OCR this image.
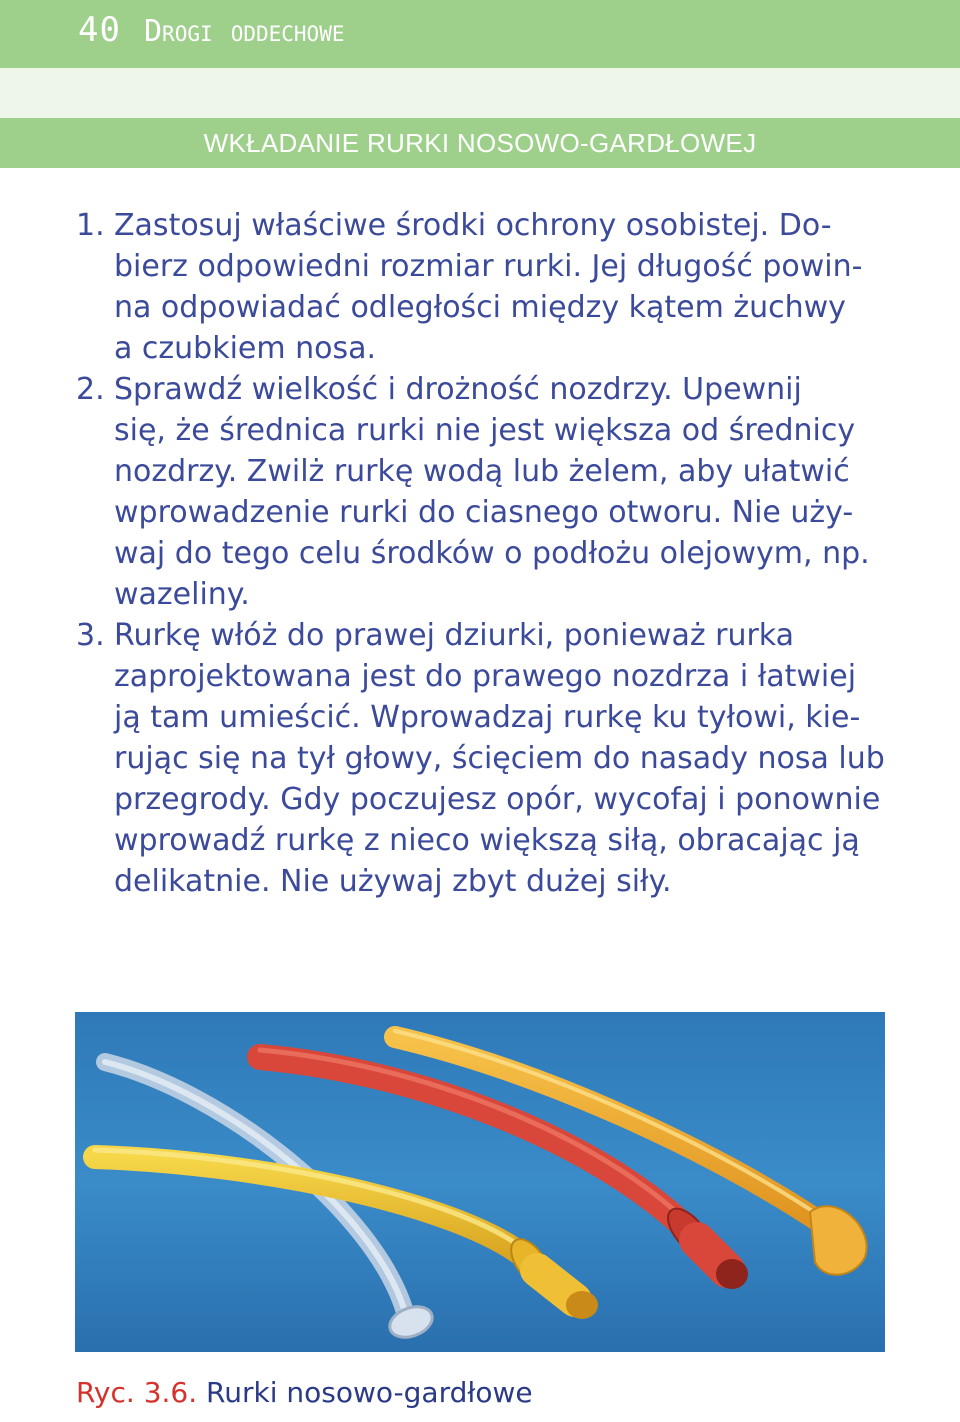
40 Drogi oddechowe
WKŁADANIE RURKI NOSOWO-GARDŁOWEJ
1. Zastosuj właściwe środki ochrony osobistej. Do-
bierz odpowiedni rozmiar rurki. Jej długość powin-
na odpowiadać odległości między kątem żuchwy
a czubkiem nosa.
2. Sprawdź wielkość i drożność nozdrzy. Upewnij
się, że średnica rurki nie jest większa od średnicy
nozdrzy. Zwilż rurkę wodą lub żelem, aby ułatwić
wprowadzenie rurki do ciasnego otworu. Nie uży-
waj do tego celu środków o podłożu olejowym, np.
wazeliny.
3. Rurkę włóż do prawej dziurki, ponieważ rurka
zaprojektowana jest do prawego nozdrza i łatwiej
ją tam umieścić. Wprowadzaj rurkę ku tyłowi, kie-
rując się na tył głowy, ścięciem do nasady nosa lub
przegrody. Gdy poczujesz opór, wycofaj i ponownie
wprowadź rurkę z nieco większą siłą, obracając ją
delikatnie. Nie używaj zbyt dużej siły.
Ryc. 3.6. Rurki nosowo-gardłowe
